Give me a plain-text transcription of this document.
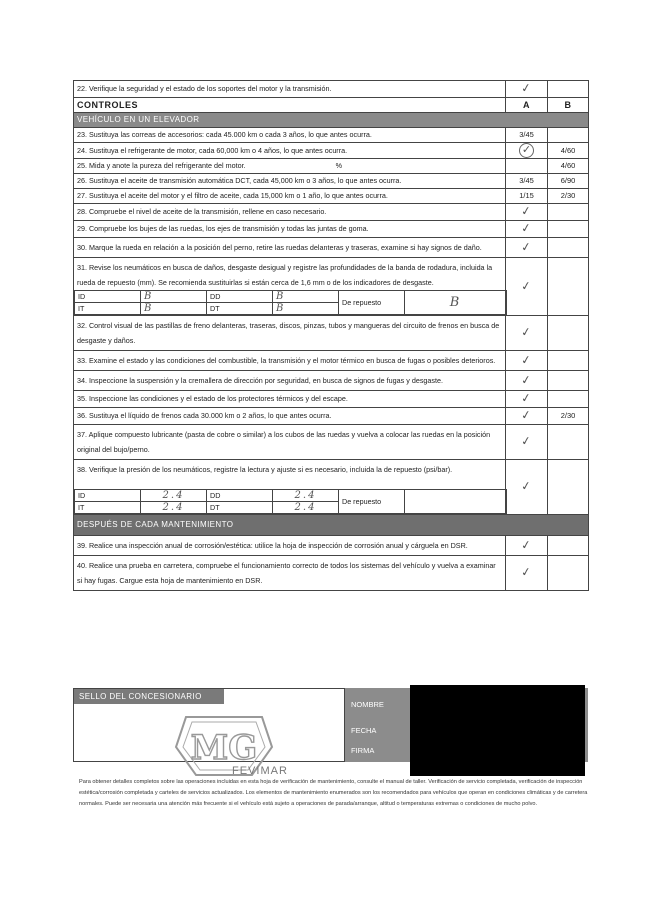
22. Verifique la seguridad y el estado de los soportes del motor y la transmisión.	✓	
CONTROLES	A	B
VEHÍCULO EN UN ELEVADOR
23. Sustituya las correas de accesorios: cada 45.000 km o cada 3 años, lo que antes ocurra.	3/45	
24. Sustituya el refrigerante de motor, cada 60,000 km o 4 años, lo que antes ocurra.	✓	4/60
25. Mida y anote la pureza del refrigerante del motor.	%		4/60
26. Sustituya el aceite de transmisión automática DCT, cada 45,000 km o 3 años, lo que antes ocurra.	3/45	6/90
27. Sustituya el aceite del motor y el filtro de aceite, cada 15,000 km o 1 año, lo que antes ocurra.	1/15	2/30
28. Compruebe el nivel de aceite de la transmisión, rellene en caso necesario.	✓	
29. Compruebe los bujes de las ruedas, los ejes de transmisión y todas las juntas de goma.	✓	
30. Marque la rueda en relación a la posición del perno, retire las ruedas delanteras y traseras, examine si hay signos de daño.	✓	

31. Revise los neumáticos en busca de daños, desgaste desigual y registre las profundidades de la banda de rodadura, incluida la rueda de repuesto (mm). Se recomienda sustituirlas si están cerca de 1,6 mm o de los indicadores de desgaste.
ID	B	DD	B	De repuesto	B
IT	B	DT	B
	✓	
32. Control visual de las pastillas de freno delanteras, traseras, discos, pinzas, tubos y mangueras del circuito de frenos en busca de desgaste y daños.	✓	
33. Examine el estado y las condiciones del combustible, la transmisión y el motor térmico en busca de fugas o posibles deterioros.	✓	
34. Inspeccione la suspensión y la cremallera de dirección por seguridad, en busca de signos de fugas y desgaste.	✓	
35. Inspeccione las condiciones y el estado de los protectores térmicos y del escape.	✓	
36. Sustituya el líquido de frenos cada 30.000 km o 2 años, lo que antes ocurra.	✓	2/30
37. Aplique compuesto lubricante (pasta de cobre o similar) a los cubos de las ruedas y vuelva a colocar las ruedas en la posición original del bujo/perno.	✓	

38. Verifique la presión de los neumáticos, registre la lectura y ajuste si es necesario, incluida la de repuesto (psi/bar).
ID	2.4	DD	2.4	De repuesto	
IT	2.4	DT	2.4
	✓	
DESPUÉS DE CADA MANTENIMIENTO
39. Realice una inspección anual de corrosión/estética: utilice la hoja de inspección de corrosión anual y cárguela en DSR.	✓	
40. Realice una prueba en carretera, compruebe el funcionamiento correcto de todos los sistemas del vehículo y vuelva a examinar si hay fugas. Cargue esta hoja de mantenimiento en DSR.	✓	
SELLO DEL CONCESIONARIO
MG
FEVIMAR
NOMBRE
FECHA
FIRMA
Para obtener detalles completos sobre las operaciones incluidas en esta hoja de verificación de mantenimiento, consulte el manual de taller. Verificación de servicio completada, verificación de inspección estética/corrosión completada y carteles de servicios actualizados. Los elementos de mantenimiento enumerados son los recomendados para vehículos que operan en condiciones climáticas y de carretera normales. Puede ser necesaria una atención más frecuente si el vehículo está sujeto a operaciones de parada/arranque, altitud o temperaturas extremas o condiciones de mucho polvo.
